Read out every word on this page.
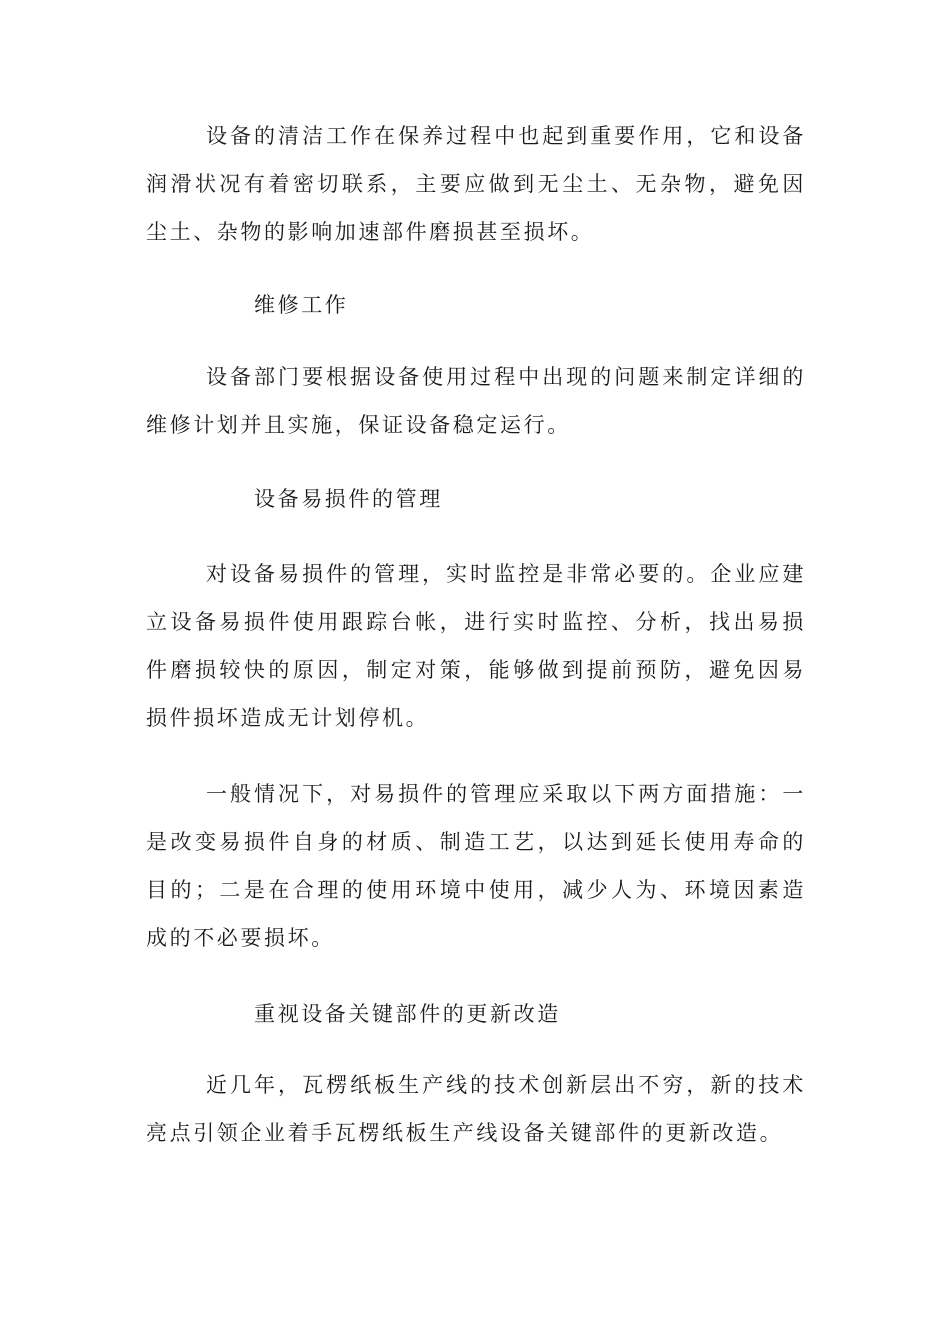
设备的清洁工作在保养过程中也起到重要作用，它和设备润滑状况有着密切联系，主要应做到无尘土、无杂物，避免因尘土、杂物的影响加速部件磨损甚至损坏。

维修工作

设备部门要根据设备使用过程中出现的问题来制定详细的维修计划并且实施，保证设备稳定运行。

设备易损件的管理

对设备易损件的管理，实时监控是非常必要的。企业应建立设备易损件使用跟踪台帐，进行实时监控、分析，找出易损件磨损较快的原因，制定对策，能够做到提前预防，避免因易损件损坏造成无计划停机。

一般情况下，对易损件的管理应采取以下两方面措施：一是改变易损件自身的材质、制造工艺，以达到延长使用寿命的目的；二是在合理的使用环境中使用，减少人为、环境因素造成的不必要损坏。

重视设备关键部件的更新改造

近几年，瓦楞纸板生产线的技术创新层出不穷，新的技术亮点引领企业着手瓦楞纸板生产线设备关键部件的更新改造。
